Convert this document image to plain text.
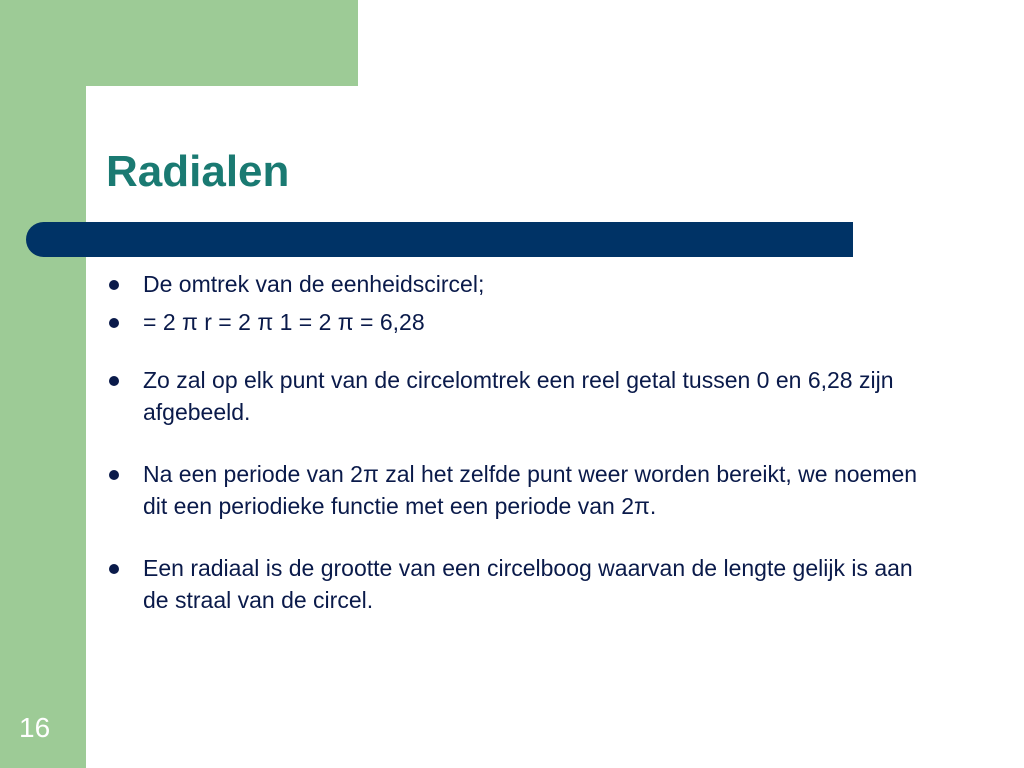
Radialen
De omtrek van de eenheidscircel;
= 2 π r = 2 π 1 = 2 π = 6,28
Zo zal op elk punt van de circelomtrek een reel getal tussen 0 en 6,28 zijn afgebeeld.
Na een periode van 2π zal het zelfde punt weer worden bereikt, we noemen dit een periodieke functie met een periode van 2π.
Een radiaal is de grootte van een circelboog waarvan de lengte gelijk is aan de straal van de circel.
16
